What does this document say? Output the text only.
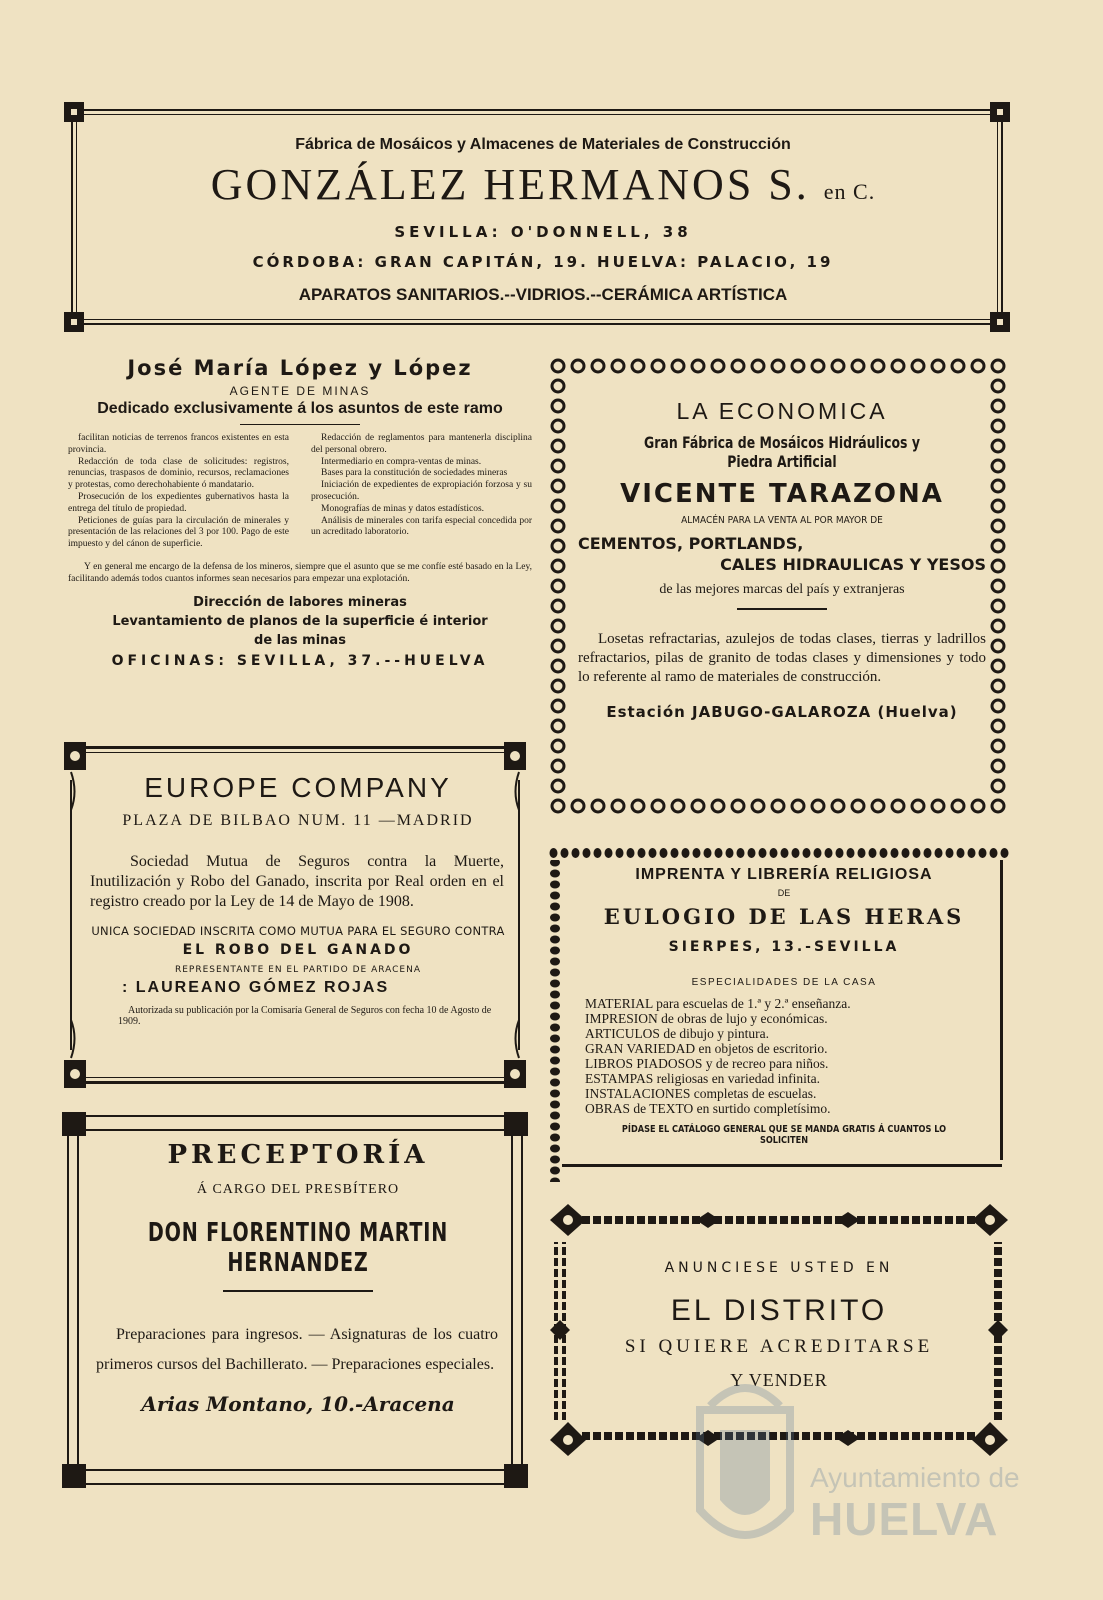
Fábrica de Mosáicos y Almacenes de Materiales de Construcción
GONZÁLEZ HERMANOS S. en C.
SEVILLA: O'DONNELL, 38
CÓRDOBA: GRAN CAPITÁN, 19. HUELVA: PALACIO, 19
APARATOS SANITARIOS.--VIDRIOS.--CERÁMICA ARTÍSTICA
José María López y López
AGENTE DE MINAS
Dedicado exclusivamente á los asuntos de este ramo

facilitan noticias de terrenos francos existentes en esta provincia.

Redacción de toda clase de solicitudes: registros, renuncias, traspasos de dominio, recursos, reclamaciones y protestas, como derechohabiente ó mandatario.

Prosecución de los expedientes gubernativos hasta la entrega del título de propiedad.

Peticiones de guías para la circulación de minerales y presentación de las relaciones del 3 por 100. Pago de este impuesto y del cánon de superficie.

Redacción de reglamentos para mantenerla disciplina del personal obrero.

Intermediario en compra-ventas de minas.

Bases para la constitución de sociedades mineras

Iniciación de expedientes de expropiación forzosa y su prosecución.

Monografías de minas y datos estadísticos.

Análisis de minerales con tarifa especial concedida por un acreditado laboratorio.

Y en general me encargo de la defensa de los mineros, siempre que el asunto que se me confíe esté basado en la Ley, facilitando además todos cuantos informes sean necesarios para empezar una explotación.
Dirección de labores mineras
Levantamiento de planos de la superficie é interior
de las minas
OFICINAS: SEVILLA, 37.--HUELVA
EUROPE COMPANY
PLAZA DE BILBAO NUM. 11 —MADRID
Sociedad Mutua de Seguros contra la Muerte, Inutilización y Robo del Ganado, inscrita por Real orden en el registro creado por la Ley de 14 de Mayo de 1908.
UNICA SOCIEDAD INSCRITA COMO MUTUA PARA EL SEGURO CONTRA
EL ROBO DEL GANADO
REPRESENTANTE EN EL PARTIDO DE ARACENA
: LAUREANO GÓMEZ ROJAS
Autorizada su publicación por la Comisaría General de Seguros con fecha 10 de Agosto de 1909.
PRECEPTORÍA
Á CARGO DEL PRESBÍTERO
DON FLORENTINO MARTIN HERNANDEZ
Preparaciones para ingresos. — Asignaturas de los cuatro primeros cursos del Bachillerato. — Preparaciones especiales.
Arias Montano, 10.-Aracena
LA ECONOMICA
Gran Fábrica de Mosáicos Hidráulicos y Piedra Artificial
VICENTE TARAZONA
ALMACÉN PARA LA VENTA AL POR MAYOR DE
CEMENTOS, PORTLANDS,
CALES HIDRAULICAS Y YESOS
de las mejores marcas del país y extranjeras
Losetas refractarias, azulejos de todas clases, tierras y ladrillos refractarios, pilas de granito de todas clases y dimensiones y todo lo referente al ramo de materiales de construcción.
Estación JABUGO-GALAROZA (Huelva)
IMPRENTA Y LIBRERÍA RELIGIOSA
DE
EULOGIO DE LAS HERAS
SIERPES, 13.-SEVILLA
ESPECIALIDADES DE LA CASA
MATERIAL para escuelas de 1.ª y 2.ª enseñanza.
IMPRESION de obras de lujo y económicas.
ARTICULOS de dibujo y pintura.
GRAN VARIEDAD en objetos de escritorio.
LIBROS PIADOSOS y de recreo para niños.
ESTAMPAS religiosas en variedad infinita.
INSTALACIONES completas de escuelas.
OBRAS de TEXTO en surtido completísimo.
PÍDASE EL CATÁLOGO GENERAL QUE SE MANDA GRATIS Á CUANTOS LO SOLICITEN
ANUNCIESE USTED EN
EL DISTRITO
SI QUIERE ACREDITARSE
Y VENDER
Ayuntamiento de
HUELVA
